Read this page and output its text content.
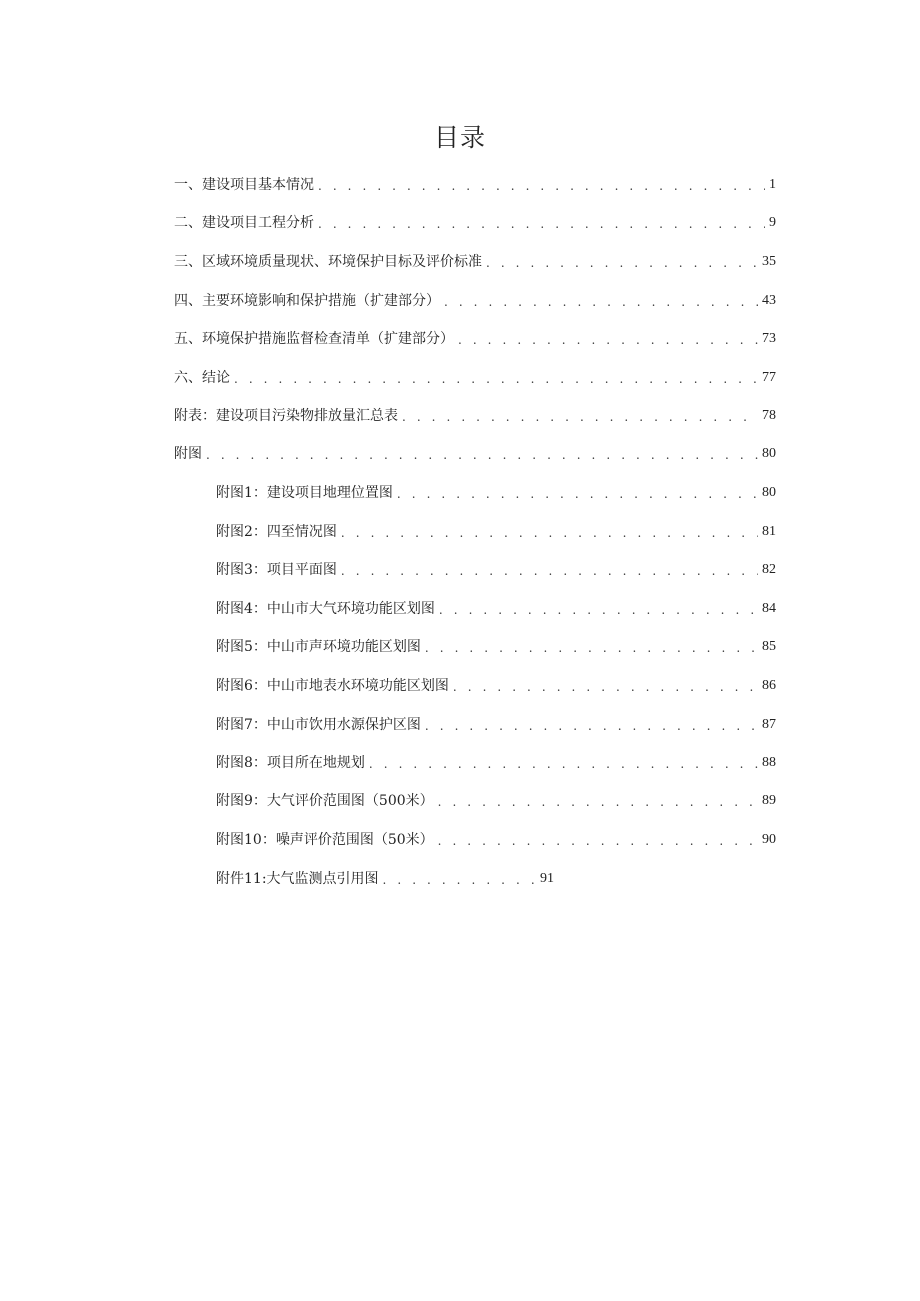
目录
一、建设项目基本情况 . . .	1
二、建设项目工程分析 . . .	9
三、区域环境质量现状、环境保护目标及评价标准 . . .	35
四、主要环境影响和保护措施（扩建部分） . . .	43
五、环境保护措施监督检查清单（扩建部分） . . .	73
六、结论 . . .	77
附表：建设项目污染物排放量汇总表 . . .	78
附图 . . .	80
附图1：建设项目地理位置图 . . .	80
附图2：四至情况图 . . .	81
附图3：项目平面图 . . .	82
附图4：中山市大气环境功能区划图 . . .	84
附图5：中山市声环境功能区划图 . . .	85
附图6：中山市地表水环境功能区划图 . . .	86
附图7：中山市饮用水源保护区图 . . .	87
附图8：项目所在地规划 . . .	88
附图9：大气评价范围图（500米） . . .	89
附图10：噪声评价范围图（50米） . . .	90
附件11:大气监测点引用图 . . .	91
